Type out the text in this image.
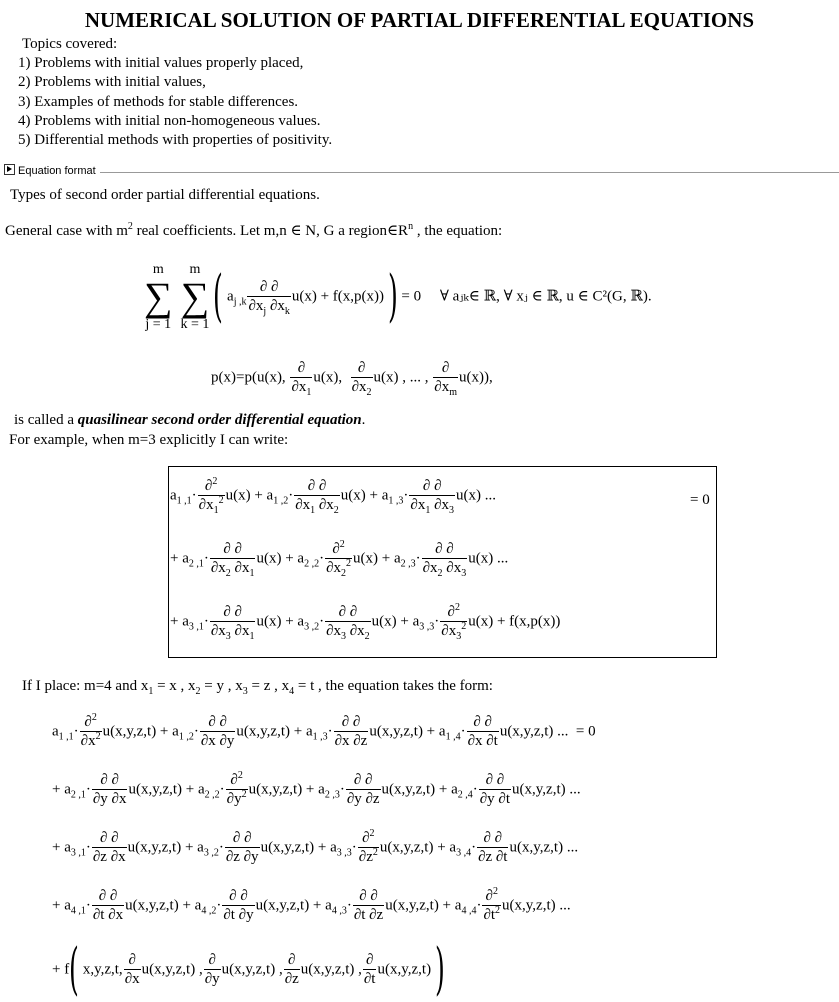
NUMERICAL SOLUTION OF PARTIAL DIFFERENTIAL EQUATIONS
Topics covered:
1) Problems with initial values properly placed,
2) Problems with initial values,
3) Examples of methods for stable differences.
4) Problems with initial non-homogeneous values.
5) Differential methods with properties of positivity.
Equation format
Types of second order partial differential equations.
General case with $m^2$ real coefficients. Let m,n ∈ N, G a $region\in R^n$ , the equation:
m
∑
j = 1m
∑
k = 1( $a_{j ,k} \frac{\partial \partial}{\partial x_j \partial x_k} u(x) + f(x,p(x))$ ) = 0 ∀ aⱼₖ∈ ℝ, ∀ xⱼ ∈ ℝ, u ∈ C²(G, ℝ).
p(x)=p(u(x), $\frac{\partial}{\partial x_1} u(x)$, $\frac{\partial}{\partial x_2} u(x)$ , ... , $\frac{\partial}{\partial x_m} u(x)$),
is called a quasilinear second order differential equation.
For example, when m=3 explicitly I can write:
$a_{1 ,1}\cdot \frac{\partial^2}{\partial x_1^2} u(x) + a_{1 ,2}\cdot \frac{\partial \partial}{\partial x_1 \partial x_2} u(x) + a_{1 ,3}\cdot \frac{\partial \partial}{\partial x_1 \partial x_3} u(x)$ ...	= 0
+ $a_{2 ,1}\cdot \frac{\partial \partial}{\partial x_2 \partial x_1} u(x) + a_{2 ,2}\cdot \frac{\partial^2}{\partial x_2^2} u(x) + a_{2 ,3}\cdot \frac{\partial \partial}{\partial x_2 \partial x_3} u(x)$ ...
+ $a_{3 ,1}\cdot \frac{\partial \partial}{\partial x_3 \partial x_1} u(x) + a_{3 ,2}\cdot \frac{\partial \partial}{\partial x_3 \partial x_2} u(x) + a_{3 ,3}\cdot \frac{\partial^2}{\partial x_3^2} u(x) + f(x,p(x))$
If I place: m=4 and $x_1 = x$ , $x_2 = y$ , $x_3 = z$ , $x_4 = t$ , the equation takes the form:
$a_{1 ,1}\cdot \frac{\partial^2}{\partial x^2} u(x,y,z,t) + a_{1 ,2}\cdot \frac{\partial \partial}{\partial x \partial y} u(x,y,z,t) + a_{1 ,3}\cdot \frac{\partial \partial}{\partial x \partial z} u(x,y,z,t) + a_{1 ,4}\cdot \frac{\partial \partial}{\partial x \partial t} u(x,y,z,t)$ ...  = 0
+ $a_{2 ,1}\cdot \frac{\partial \partial}{\partial y \partial x} u(x,y,z,t) + a_{2 ,2}\cdot \frac{\partial^2}{\partial y^2} u(x,y,z,t) + a_{2 ,3}\cdot \frac{\partial \partial}{\partial y \partial z} u(x,y,z,t) + a_{2 ,4}\cdot \frac{\partial \partial}{\partial y \partial t} u(x,y,z,t)$ ...
+ $a_{3 ,1}\cdot \frac{\partial \partial}{\partial z \partial x} u(x,y,z,t) + a_{3 ,2}\cdot \frac{\partial \partial}{\partial z \partial y} u(x,y,z,t) + a_{3 ,3}\cdot \frac{\partial^2}{\partial z^2} u(x,y,z,t) + a_{3 ,4}\cdot \frac{\partial \partial}{\partial z \partial t} u(x,y,z,t)$ ...
+ $a_{4 ,1}\cdot \frac{\partial \partial}{\partial t \partial x} u(x,y,z,t) + a_{4 ,2}\cdot \frac{\partial \partial}{\partial t \partial y} u(x,y,z,t) + a_{4 ,3}\cdot \frac{\partial \partial}{\partial t \partial z} u(x,y,z,t) + a_{4 ,4}\cdot \frac{\partial^2}{\partial t^2} u(x,y,z,t)$ ...
+ f( x,y,z,t, $\frac{\partial}{\partial x} u(x,y,z,t)$ , $\frac{\partial}{\partial y} u(x,y,z,t)$ , $\frac{\partial}{\partial z} u(x,y,z,t)$ , $\frac{\partial}{\partial t} u(x,y,z,t)$ )
